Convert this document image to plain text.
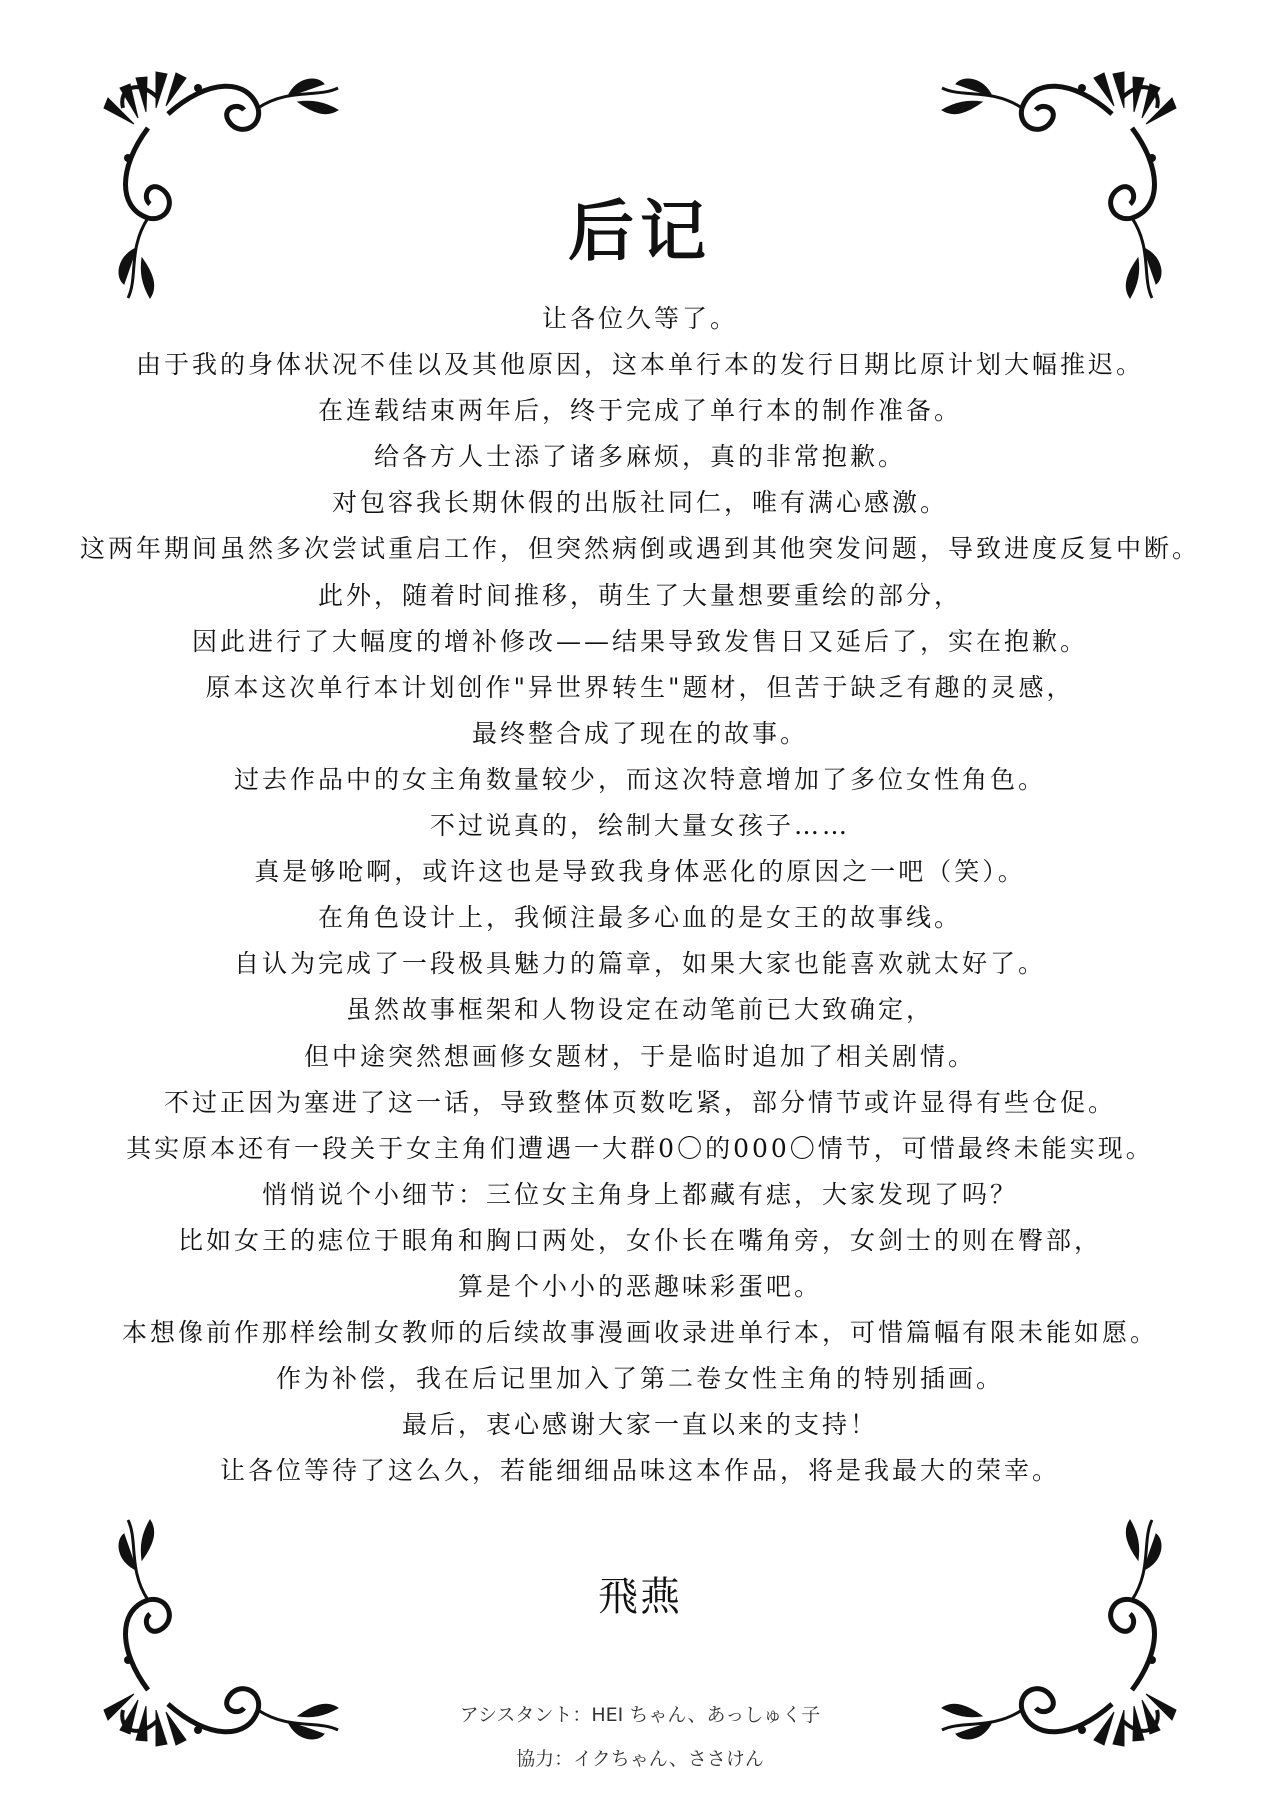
后记
让各位久等了。
由于我的身体状况不佳以及其他原因，这本单行本的发行日期比原计划大幅推迟。
在连载结束两年后，终于完成了单行本的制作准备。
给各方人士添了诸多麻烦，真的非常抱歉。
对包容我长期休假的出版社同仁，唯有满心感激。
这两年期间虽然多次尝试重启工作，但突然病倒或遇到其他突发问题，导致进度反复中断。
此外，随着时间推移，萌生了大量想要重绘的部分，
因此进行了大幅度的增补修改——结果导致发售日又延后了，实在抱歉。
原本这次单行本计划创作"异世界转生"题材，但苦于缺乏有趣的灵感，
最终整合成了现在的故事。
过去作品中的女主角数量较少，而这次特意增加了多位女性角色。
不过说真的，绘制大量女孩子……
真是够呛啊，或许这也是导致我身体恶化的原因之一吧（笑）。
在角色设计上，我倾注最多心血的是女王的故事线。
自认为完成了一段极具魅力的篇章，如果大家也能喜欢就太好了。
虽然故事框架和人物设定在动笔前已大致确定，
但中途突然想画修女题材，于是临时追加了相关剧情。
不过正因为塞进了这一话，导致整体页数吃紧，部分情节或许显得有些仓促。
其实原本还有一段关于女主角们遭遇一大群0〇的000〇情节，可惜最终未能实现。
悄悄说个小细节：三位女主角身上都藏有痣，大家发现了吗？
比如女王的痣位于眼角和胸口两处，女仆长在嘴角旁，女剑士的则在臀部，
算是个小小的恶趣味彩蛋吧。
本想像前作那样绘制女教师的后续故事漫画收录进单行本，可惜篇幅有限未能如愿。
作为补偿，我在后记里加入了第二卷女性主角的特别插画。
最后，衷心感谢大家一直以来的支持！
让各位等待了这么久，若能细细品味这本作品，将是我最大的荣幸。
飛燕
アシスタント：HEI ちゃん、あっしゅく子
協力：イクちゃん、ささけん
